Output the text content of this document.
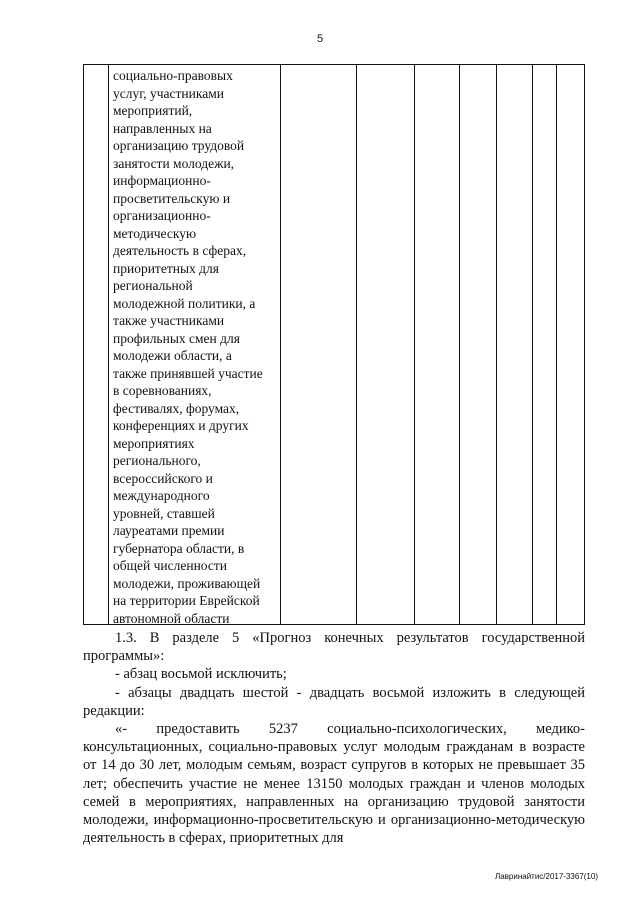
5
социально-правовых
услуг, участниками
мероприятий,
направленных на
организацию трудовой
занятости молодежи,
информационно-
просветительскую и
организационно-
методическую
деятельность в сферах,
приоритетных для
региональной
молодежной политики, а
также участниками
профильных смен для
молодежи области, а
также принявшей участие
в соревнованиях,
фестивалях, форумах,
конференциях и других
мероприятиях
регионального,
всероссийского и
международного
уровней, ставшей
лауреатами премии
губернатора области, в
общей численности
молодежи, проживающей
на территории Еврейской
автономной области

1.3. В разделе 5 «Прогноз конечных результатов государственной программы»:

- абзац восьмой исключить;

- абзацы двадцать шестой - двадцать восьмой изложить в следующей редакции:

«- предоставить 5237 социально-психологических, медико-консультационных, социально-правовых услуг молодым гражданам в возрасте от 14 до 30 лет, молодым семьям, возраст супругов в которых не превышает 35 лет; обеспечить участие не менее 13150 молодых граждан и членов молодых семей в мероприятиях, направленных на организацию трудовой занятости молодежи, информационно-просветительскую и организационно-методическую деятельность в сферах, приоритетных для

Лавринайтис/2017-3367(10)
